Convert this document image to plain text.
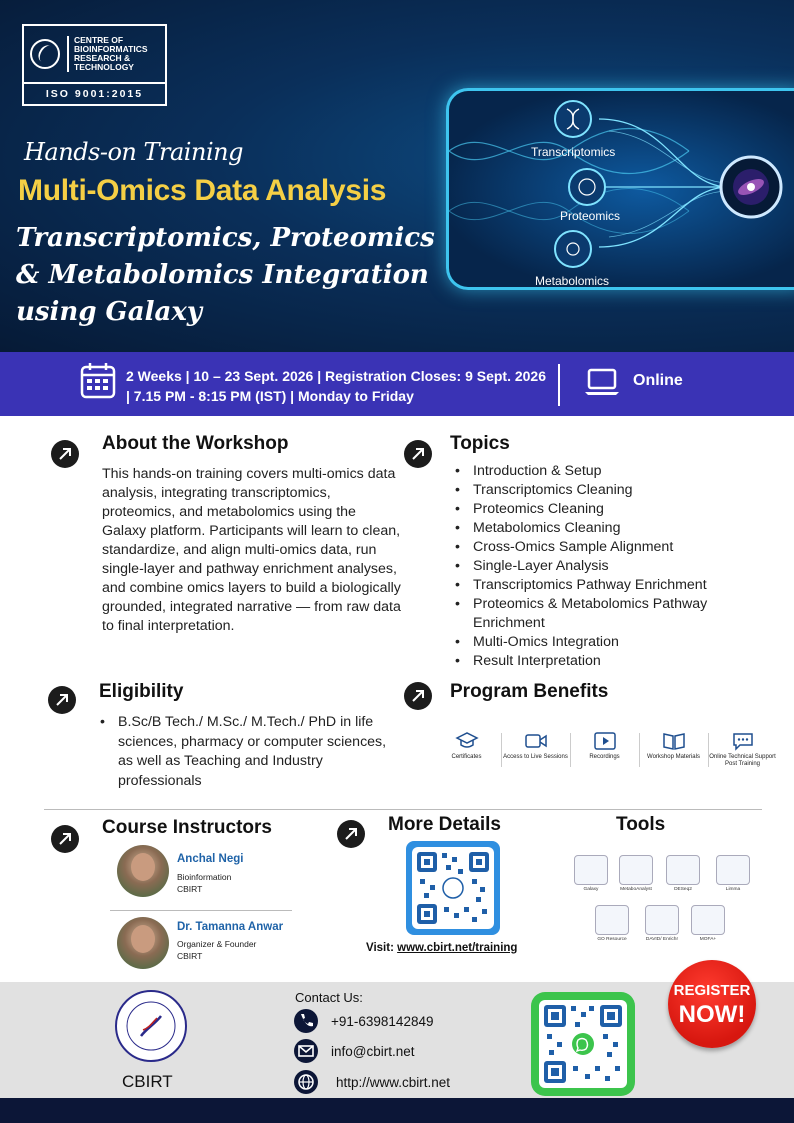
CENTRE OF
BIOINFORMATICS
RESEARCH &
TECHNOLOGY
ISO 9001:2015
Hands-on Training
Multi-Omics Data Analysis
Transcriptomics, Proteomics & Metabolomics Integration using Galaxy
Transcriptomics
Proteomics
Metabolomics
2 Weeks | 10 – 23 Sept. 2026 | Registration Closes: 9 Sept. 2026 | 7.15 PM - 8:15 PM (IST) | Monday to Friday
Online
About the Workshop
This hands-on training covers multi-omics data analysis, integrating transcriptomics, proteomics, and metabolomics using the Galaxy platform. Participants will learn to clean, standardize, and align multi-omics data, run single-layer and pathway enrichment analyses, and combine omics layers to build a biologically grounded, integrated narrative — from raw data to final interpretation.
Topics
• Introduction & Setup
• Transcriptomics Cleaning
• Proteomics Cleaning
• Metabolomics Cleaning
• Cross-Omics Sample Alignment
• Single-Layer Analysis
• Transcriptomics Pathway Enrichment
• Proteomics & Metabolomics Pathway Enrichment
• Multi-Omics Integration
• Result Interpretation
Eligibility
• B.Sc/B Tech./ M.Sc./ M.Tech./ PhD in life sciences, pharmacy or computer sciences, as well as Teaching and Industry professionals
Program Benefits
Certificates	Access to Live Sessions	Recordings	Workshop Materials Online Technical Support Post Training
Course Instructors
Anchal Negi
Bioinformation
CBIRT
Dr. Tamanna Anwar
Organizer & Founder
CBIRT
More Details
Visit: www.cbirt.net/training
Tools
Galaxy	MetaboAnalyst	DESeq2	Limma
GO Resource	DAVID/ Enrichr	MOFA+
CBIRT
Contact Us:
+91-6398142849
info@cbirt.net
http://www.cbirt.net
REGISTER
NOW!
